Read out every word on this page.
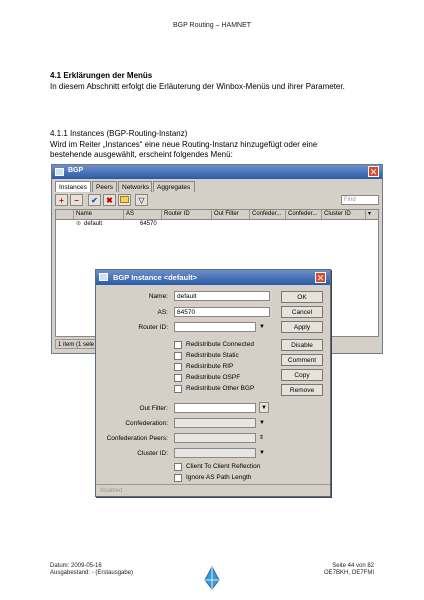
BGP Routing – HAMNET
4.1 Erklärungen der Menüs
In diesem Abschnitt erfolgt die Erläuterung der Winbox-Menüs und ihrer Parameter.
4.1.1 Instances (BGP-Routing-Instanz)
Wird im Reiter „Instances“ eine neue Routing-Instanz hinzugefügt oder eine
bestehende ausgewählt, erscheint folgendes Menü:
BGP	✕
Instances	Peers	Networks	Aggregates
+	−	✔	✖	▽	Find
Name	AS	Router ID	Out Filter	Confeder...	Confeder...	Cluster ID	▾
⊛ default	64570
1 item (1 sele
BGP Instance <default>	✕
Name:	default
AS:	64570
Router ID:	▼
Redistribute Connected
Redistribute Static
Redistribute RIP
Redistribute OSPF
Redistribute Other BGP
Out Filter:	▼
Confederation:	▼
Confederation Peers:	⇕
Cluster ID:	▼
Client To Client Reflection
Ignore AS Path Length
OK
Cancel
Apply
Disable
Comment
Copy
Remove
disabled
Datum: 2009-05-16
Ausgabestand: - (Erstausgabe)
Seite 44 von 82
OE7BKH, OE7FMI
